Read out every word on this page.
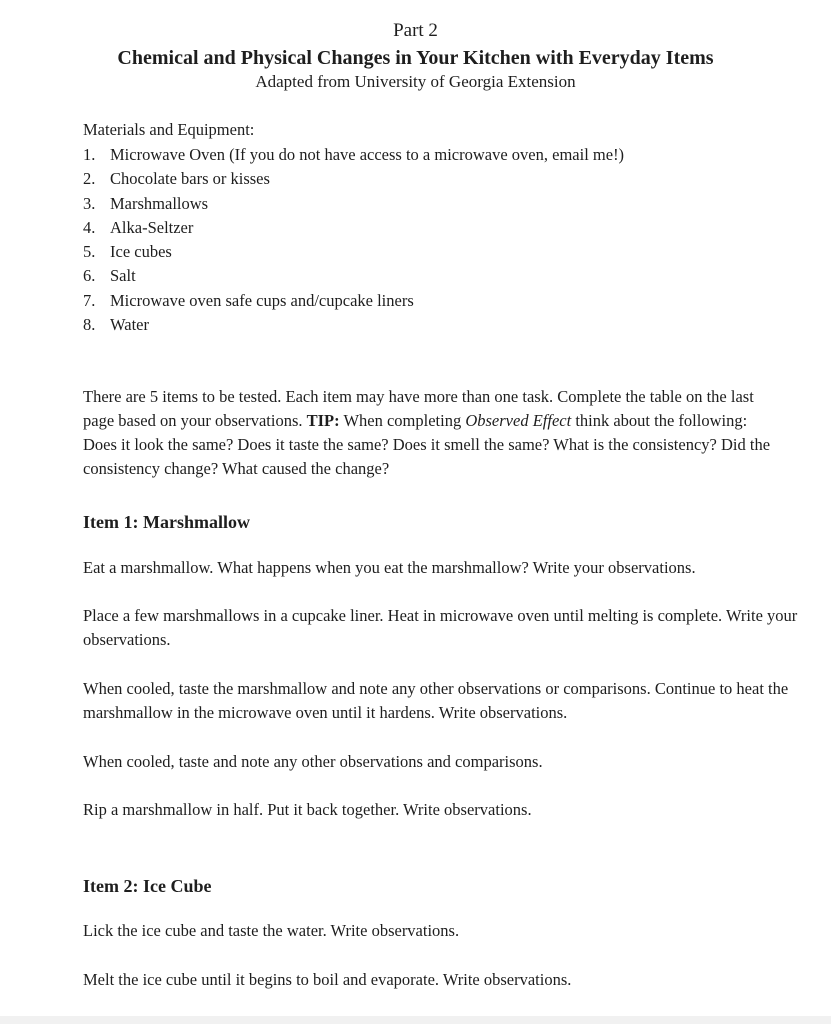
Part 2
Chemical and Physical Changes in Your Kitchen with Everyday Items
Adapted from University of Georgia Extension
Materials and Equipment:
1. Microwave Oven (If you do not have access to a microwave oven, email me!)
2. Chocolate bars or kisses
3. Marshmallows
4. Alka-Seltzer
5. Ice cubes
6. Salt
7. Microwave oven safe cups and/cupcake liners
8. Water
There are 5 items to be tested. Each item may have more than one task. Complete the table on the last page based on your observations. TIP: When completing Observed Effect think about the following: Does it look the same? Does it taste the same? Does it smell the same? What is the consistency? Did the consistency change? What caused the change?
Item 1: Marshmallow
Eat a marshmallow. What happens when you eat the marshmallow? Write your observations.
Place a few marshmallows in a cupcake liner. Heat in microwave oven until melting is complete. Write your observations.
When cooled, taste the marshmallow and note any other observations or comparisons. Continue to heat the marshmallow in the microwave oven until it hardens. Write observations.
When cooled, taste and note any other observations and comparisons.
Rip a marshmallow in half. Put it back together. Write observations.
Item 2: Ice Cube
Lick the ice cube and taste the water. Write observations.
Melt the ice cube until it begins to boil and evaporate. Write observations.
